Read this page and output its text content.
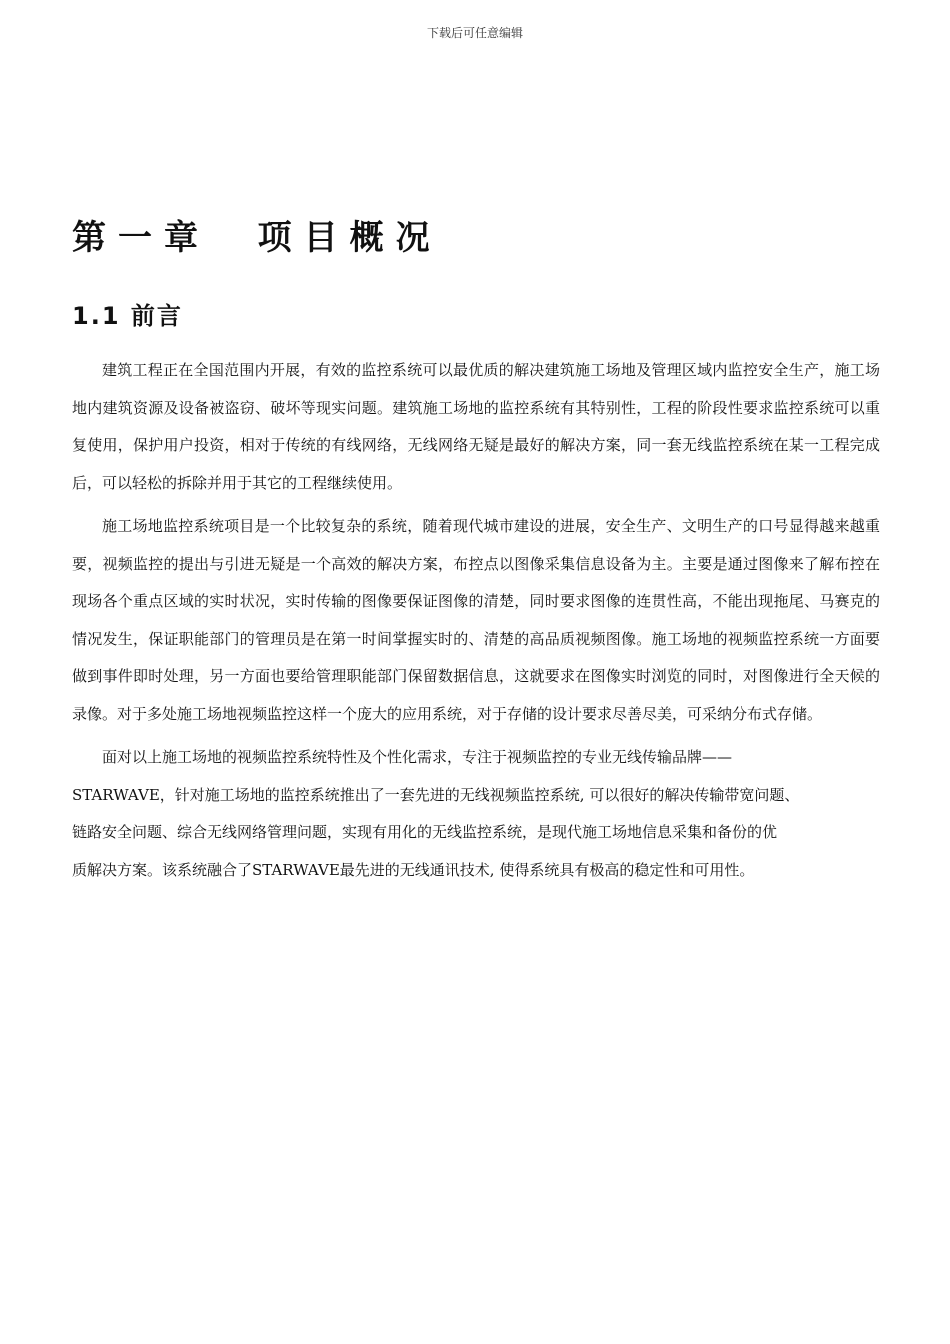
下载后可任意编辑
第一章  项目概况
1.1 前言

建筑工程正在全国范围内开展，有效的监控系统可以最优质的解决建筑施工场地及管理区域内监控安全生产，施工场地内建筑资源及设备被盗窃、破坏等现实问题。建筑施工场地的监控系统有其特别性，工程的阶段性要求监控系统可以重复使用，保护用户投资，相对于传统的有线网络，无线网络无疑是最好的解决方案，同一套无线监控系统在某一工程完成后，可以轻松的拆除并用于其它的工程继续使用。

施工场地监控系统项目是一个比较复杂的系统，随着现代城市建设的进展，安全生产、文明生产的口号显得越来越重要，视频监控的提出与引进无疑是一个高效的解决方案，布控点以图像采集信息设备为主。主要是通过图像来了解布控在现场各个重点区域的实时状况，实时传输的图像要保证图像的清楚，同时要求图像的连贯性高，不能出现拖尾、马赛克的情况发生，保证职能部门的管理员是在第一时间掌握实时的、清楚的高品质视频图像。施工场地的视频监控系统一方面要做到事件即时处理，另一方面也要给管理职能部门保留数据信息，这就要求在图像实时浏览的同时，对图像进行全天候的录像。对于多处施工场地视频监控这样一个庞大的应用系统，对于存储的设计要求尽善尽美，可采纳分布式存储。

面对以上施工场地的视频监控系统特性及个性化需求，专注于视频监控的专业无线传输品牌——
STARWAVE，针对施工场地的监控系统推出了一套先进的无线视频监控系统, 可以很好的解决传输带宽问题、
链路安全问题、综合无线网络管理问题，实现有用化的无线监控系统，是现代施工场地信息采集和备份的优
质解决方案。该系统融合了STARWAVE最先进的无线通讯技术, 使得系统具有极高的稳定性和可用性。
